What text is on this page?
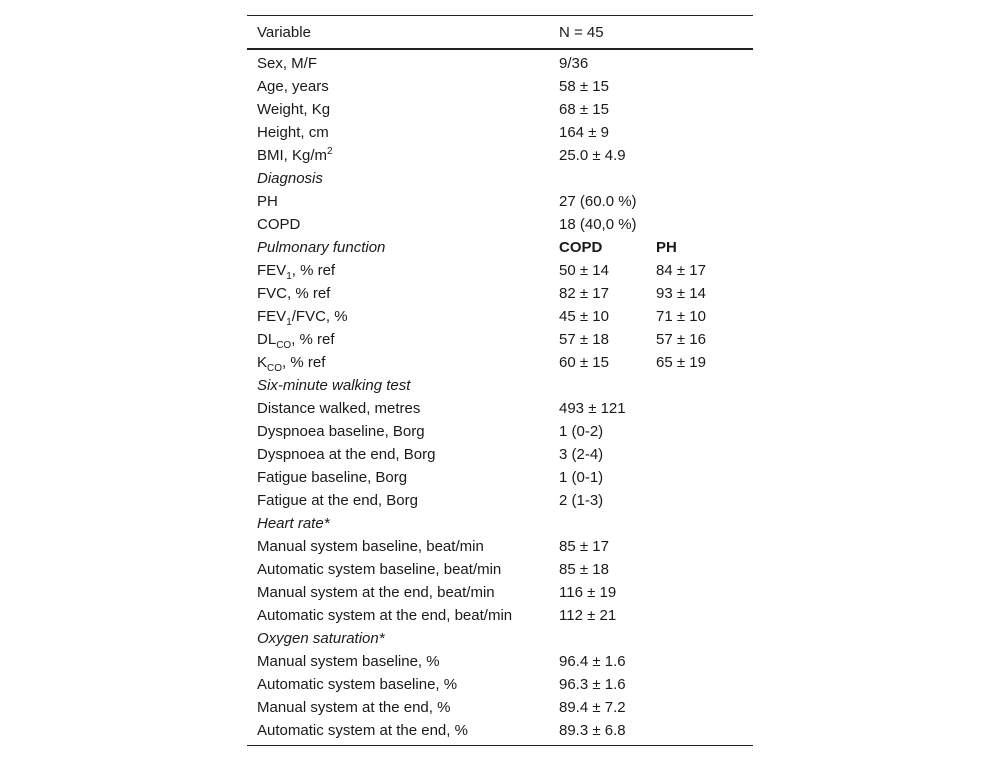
Variable	N = 45
Sex, M/F	9/36
Age, years	58 ± 15
Weight, Kg	68 ± 15
Height, cm	164 ± 9
BMI, $Kg/m^2$	25.0 ± 4.9
Diagnosis
PH	27 (60.0 %)
COPD	18 (40,0 %)
Pulmonary function	COPD	PH
$FEV_1$, % ref	50 ± 14	84 ± 17
FVC, % ref	82 ± 17	93 ± 14
$FEV_1$/FVC, %	45 ± 10	71 ± 10
$DL_{CO}$, % ref	57 ± 18	57 ± 16
$K_{CO}$, % ref	60 ± 15	65 ± 19
Six-minute walking test
Distance walked, metres	493 ± 121
Dyspnoea baseline, Borg	1 (0-2)
Dyspnoea at the end, Borg	3 (2-4)
Fatigue baseline, Borg	1 (0-1)
Fatigue at the end, Borg	2 (1-3)
Heart rate*
Manual system baseline, beat/min	85 ± 17
Automatic system baseline, beat/min	85 ± 18
Manual system at the end, beat/min	116 ± 19
Automatic system at the end, beat/min	112 ± 21
Oxygen saturation*
Manual system baseline, %	96.4 ± 1.6
Automatic system baseline, %	96.3 ± 1.6
Manual system at the end, %	89.4 ± 7.2
Automatic system at the end, %	89.3 ± 6.8
